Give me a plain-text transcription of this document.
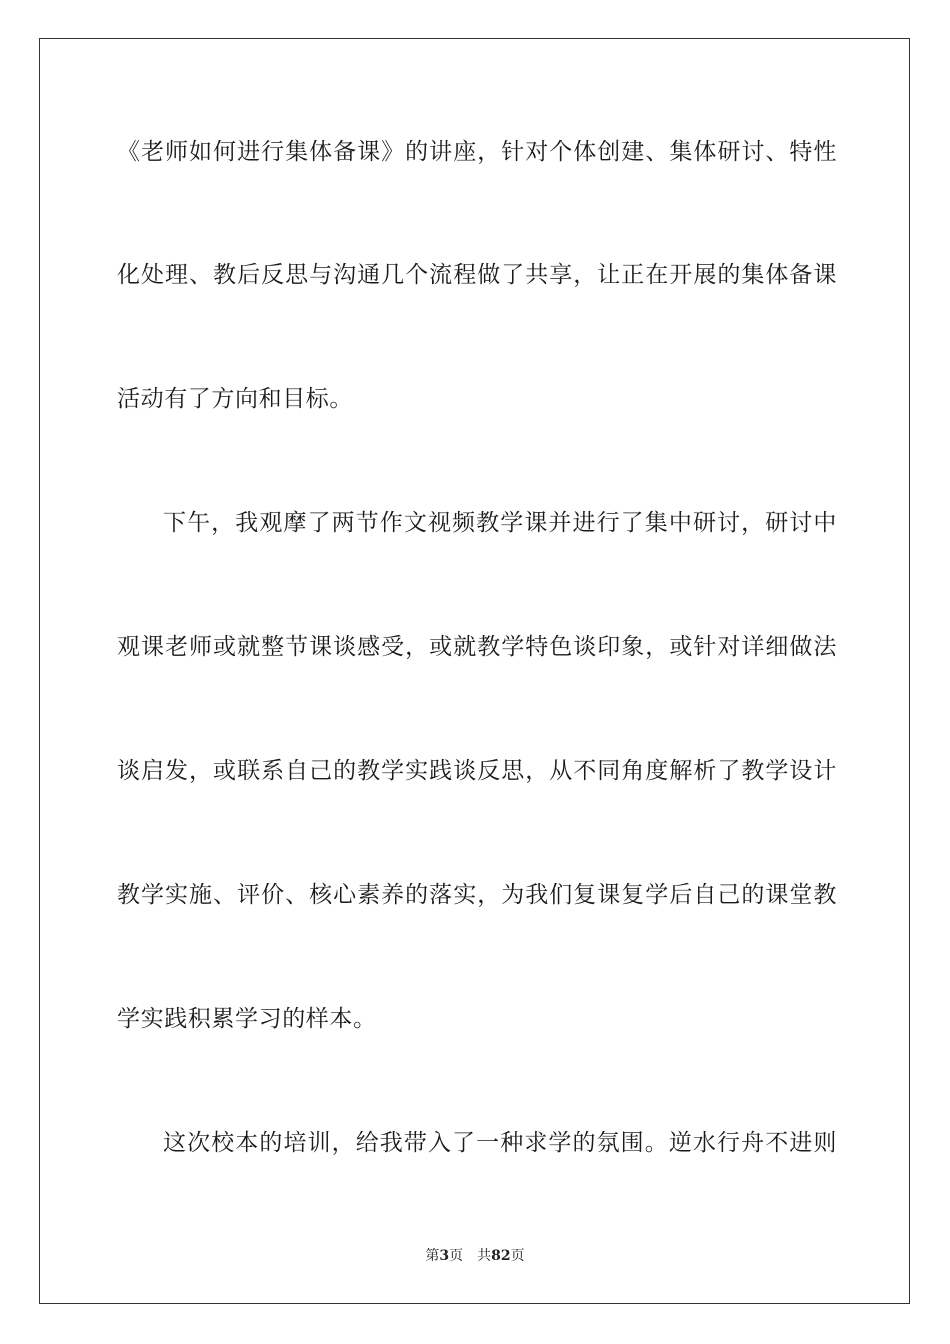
《老师如何进行集体备课》的讲座，针对个体创建、集体研讨、特性
化处理、教后反思与沟通几个流程做了共享，让正在开展的集体备课
活动有了方向和目标。
下午，我观摩了两节作文视频教学课并进行了集中研讨，研讨中
观课老师或就整节课谈感受，或就教学特色谈印象，或针对详细做法
谈启发，或联系自己的教学实践谈反思，从不同角度解析了教学设计
教学实施、评价、核心素养的落实，为我们复课复学后自己的课堂教
学实践积累学习的样本。
这次校本的培训，给我带入了一种求学的氛围。逆水行舟不进则
第3页 共82页
